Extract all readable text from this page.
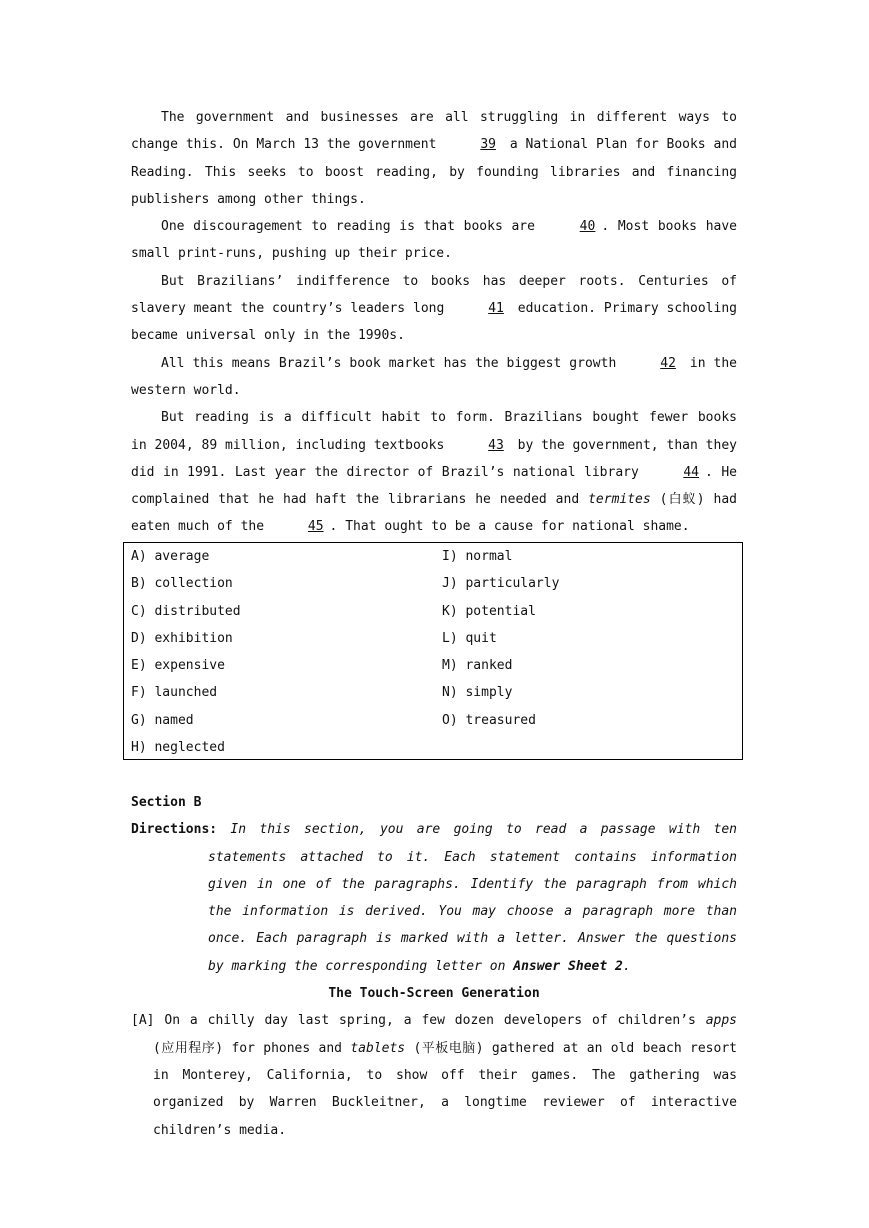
The government and businesses are all struggling in different ways to change this. On March 13 the government	39 a National Plan for Books and Reading. This seeks to boost reading, by founding libraries and financing publishers among other things.

One discouragement to reading is that books are	40 . Most books have small print-runs, pushing up their price.

But Brazilians’ indifference to books has deeper roots. Centuries of slavery meant the country’s leaders long	41 education. Primary schooling became universal only in the 1990s.

All this means Brazil’s book market has the biggest growth	42 in the western world.

But reading is a difficult habit to form. Brazilians bought fewer books in 2004, 89 million, including textbooks	43 by the government, than they did in 1991. Last year the director of Brazil’s national library	44 . He complained that he had haft the librarians he needed and termites (白蚁) had eaten much of the	45 . That ought to be a cause for national shame.

A) average
B) collection
C) distributed
D) exhibition
E) expensive
F) launched
G) named
H) neglected
I) normal
J) particularly
K) potential
L) quit
M) ranked
N) simply
O) treasured
Section B
Directions: In this section, you are going to read a passage with ten statements attached to it. Each statement contains information given in one of the paragraphs. Identify the paragraph from which the information is derived. You may choose a paragraph more than once. Each paragraph is marked with a letter. Answer the questions by marking the corresponding letter on Answer Sheet 2.
The Touch-Screen Generation
[A] On a chilly day last spring, a few dozen developers of children’s apps (应用程序) for phones and tablets (平板电脑) gathered at an old beach resort in Monterey, California, to show off their games. The gathering was organized by Warren Buckleitner, a longtime reviewer of interactive children’s media.
